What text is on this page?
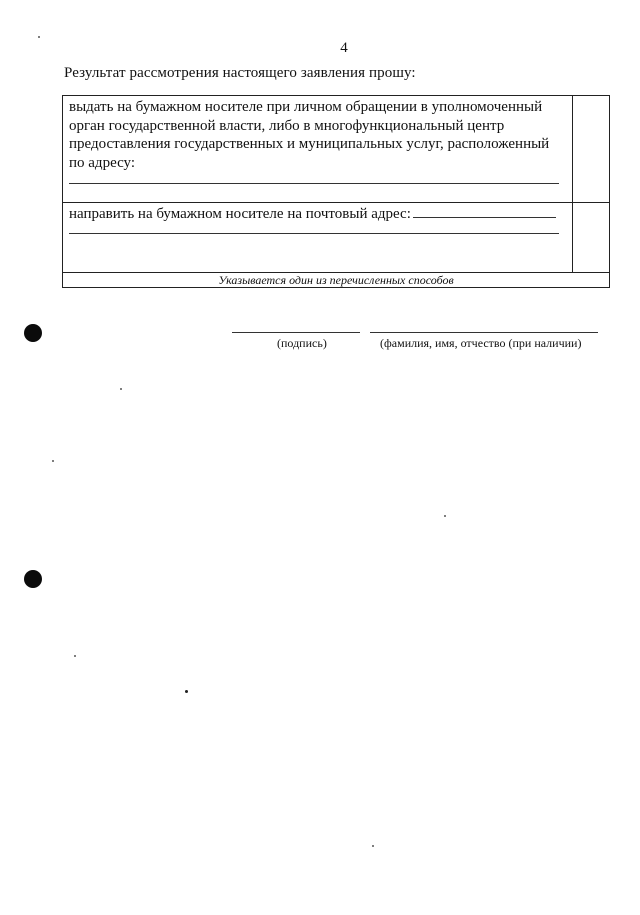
4
Результат рассмотрения настоящего заявления прошу:
выдать на бумажном носителе при личном обращении в уполномоченный орган государственной власти, либо в многофункциональный центр предоставления государственных и муниципальных услуг, расположенный по адресу:
направить на бумажном носителе на почтовый адрес:
Указывается один из перечисленных способов
(подпись)	(фамилия, имя, отчество (при наличии)
